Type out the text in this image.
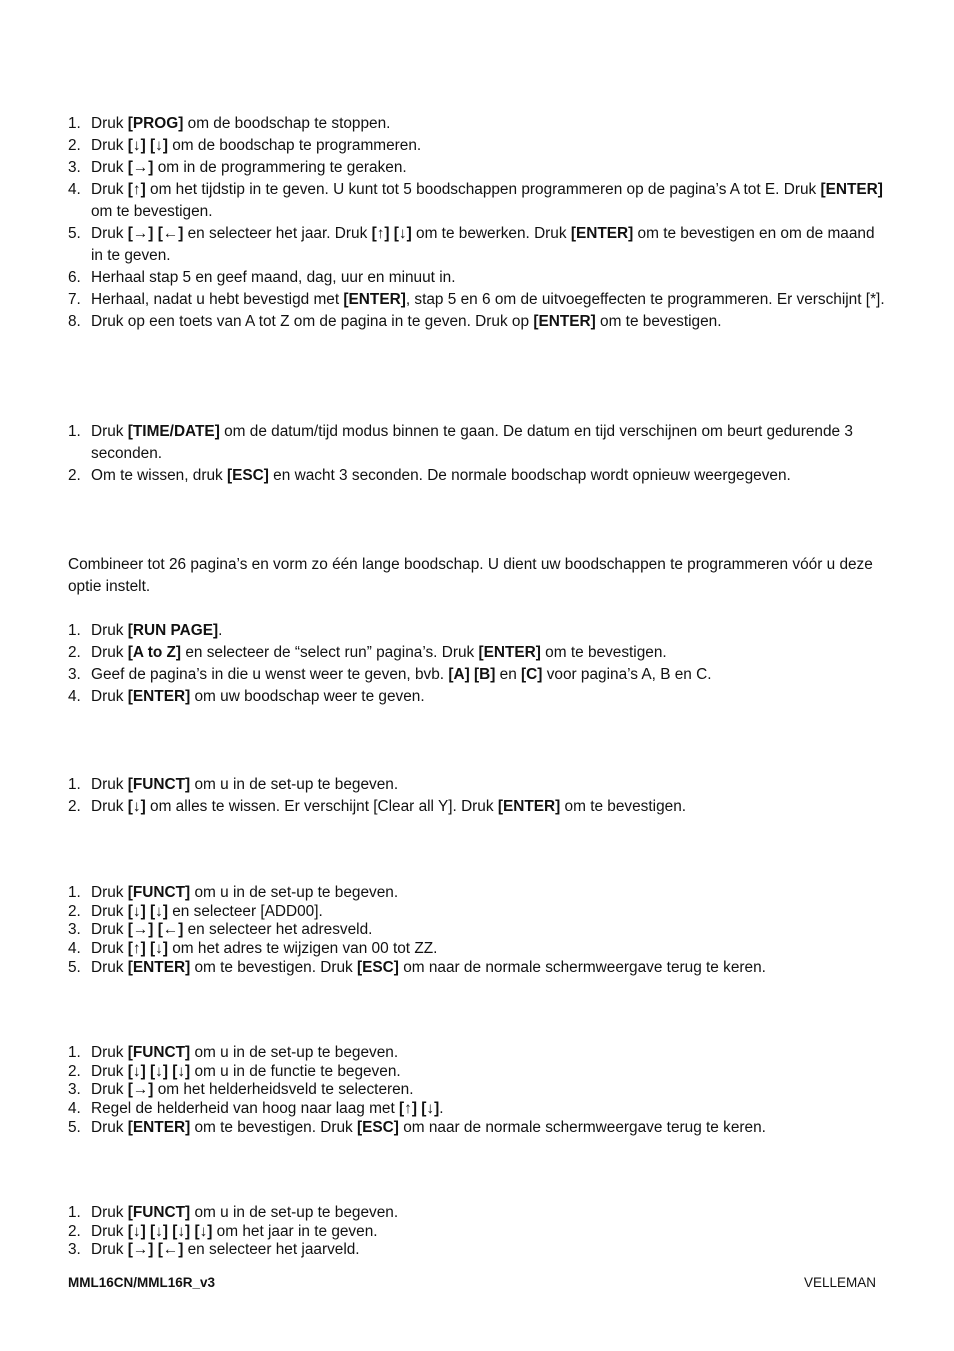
1. Druk [PROG] om de boodschap te stoppen.
2. Druk [↓] [↓] om de boodschap te programmeren.
3. Druk [→] om in de programmering te geraken.
4. Druk [↑] om het tijdstip in te geven. U kunt tot 5 boodschappen programmeren op de pagina’s A tot E. Druk [ENTER] om te bevestigen.
5. Druk [→] [←] en selecteer het jaar. Druk [↑] [↓] om te bewerken. Druk [ENTER] om te bevestigen en om de maand in te geven.
6. Herhaal stap 5 en geef maand, dag, uur en minuut in.
7. Herhaal, nadat u hebt bevestigd met [ENTER], stap 5 en 6 om de uitvoegeffecten te programmeren. Er verschijnt [*].
8. Druk op een toets van A tot Z om de pagina in te geven. Druk op [ENTER] om te bevestigen.
1. Druk [TIME/DATE] om de datum/tijd modus binnen te gaan. De datum en tijd verschijnen om beurt gedurende 3 seconden.
2. Om te wissen, druk [ESC] en wacht 3 seconden. De normale boodschap wordt opnieuw weergegeven.

Combineer tot 26 pagina’s en vorm zo één lange boodschap. U dient uw boodschappen te programmeren vóór u deze optie instelt.

1. Druk [RUN PAGE].
2. Druk [A to Z] en selecteer de “select run” pagina’s. Druk [ENTER] om te bevestigen.
3. Geef de pagina’s in die u wenst weer te geven, bvb. [A] [B] en [C] voor pagina’s A, B en C.
4. Druk [ENTER] om uw boodschap weer te geven.
1. Druk [FUNCT] om u in de set-up te begeven.
2. Druk [↓] om alles te wissen. Er verschijnt [Clear all Y]. Druk [ENTER] om te bevestigen.
1. Druk [FUNCT] om u in de set-up te begeven.
2. Druk [↓] [↓] en selecteer [ADD00].
3. Druk [→] [←] en selecteer het adresveld.
4. Druk [↑] [↓] om het adres te wijzigen van 00 tot ZZ.
5. Druk [ENTER] om te bevestigen. Druk [ESC] om naar de normale schermweergave terug te keren.
1. Druk [FUNCT] om u in de set-up te begeven.
2. Druk [↓] [↓] [↓] om u in de functie te begeven.
3. Druk [→] om het helderheidsveld te selecteren.
4. Regel de helderheid van hoog naar laag met [↑] [↓].
5. Druk [ENTER] om te bevestigen. Druk [ESC] om naar de normale schermweergave terug te keren.
1. Druk [FUNCT] om u in de set-up te begeven.
2. Druk [↓] [↓] [↓] [↓] om het jaar in te geven.
3. Druk [→] [←] en selecteer het jaarveld.
MML16CN/MML16R_v3	VELLEMAN
